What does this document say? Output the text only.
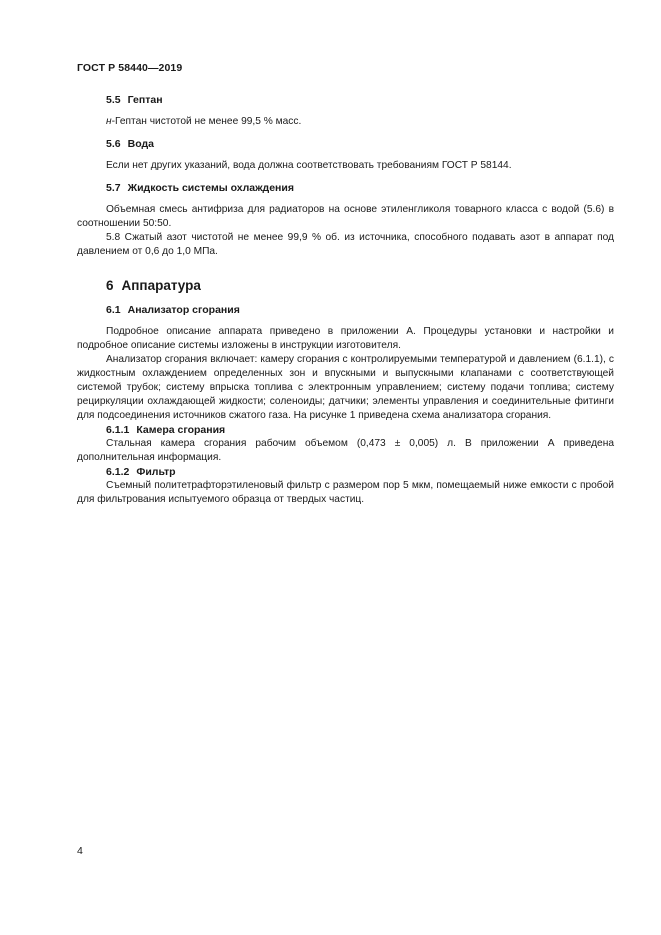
ГОСТ Р 58440—2019

5.5 Гептан

н-Гептан чистотой не менее 99,5 % масс.

5.6 Вода

Если нет других указаний, вода должна соответствовать требованиям ГОСТ Р 58144.

5.7 Жидкость системы охлаждения

Объемная смесь антифриза для радиаторов на основе этиленгликоля товарного класса с водой (5.6) в соотношении 50:50.

5.8 Сжатый азот чистотой не менее 99,9 % об. из источника, способного подавать азот в аппарат под давлением от 0,6 до 1,0 МПа.

6 Аппаратура

6.1 Анализатор сгорания

Подробное описание аппарата приведено в приложении А. Процедуры установки и настройки и подробное описание системы изложены в инструкции изготовителя.

Анализатор сгорания включает: камеру сгорания с контролируемыми температурой и давлением (6.1.1), с жидкостным охлаждением определенных зон и впускными и выпускными клапанами с соответствующей системой трубок; систему впрыска топлива с электронным управлением; систему подачи топлива; систему рециркуляции охлаждающей жидкости; соленоиды; датчики; элементы управления и соединительные фитинги для подсоединения источников сжатого газа. На рисунке 1 приведена схема анализатора сгорания.

6.1.1 Камера сгорания

Стальная камера сгорания рабочим объемом (0,473 ± 0,005) л. В приложении А приведена дополнительная информация.

6.1.2 Фильтр

Съемный политетрафторэтиленовый фильтр с размером пор 5 мкм, помещаемый ниже емкости с пробой для фильтрования испытуемого образца от твердых частиц.

4
